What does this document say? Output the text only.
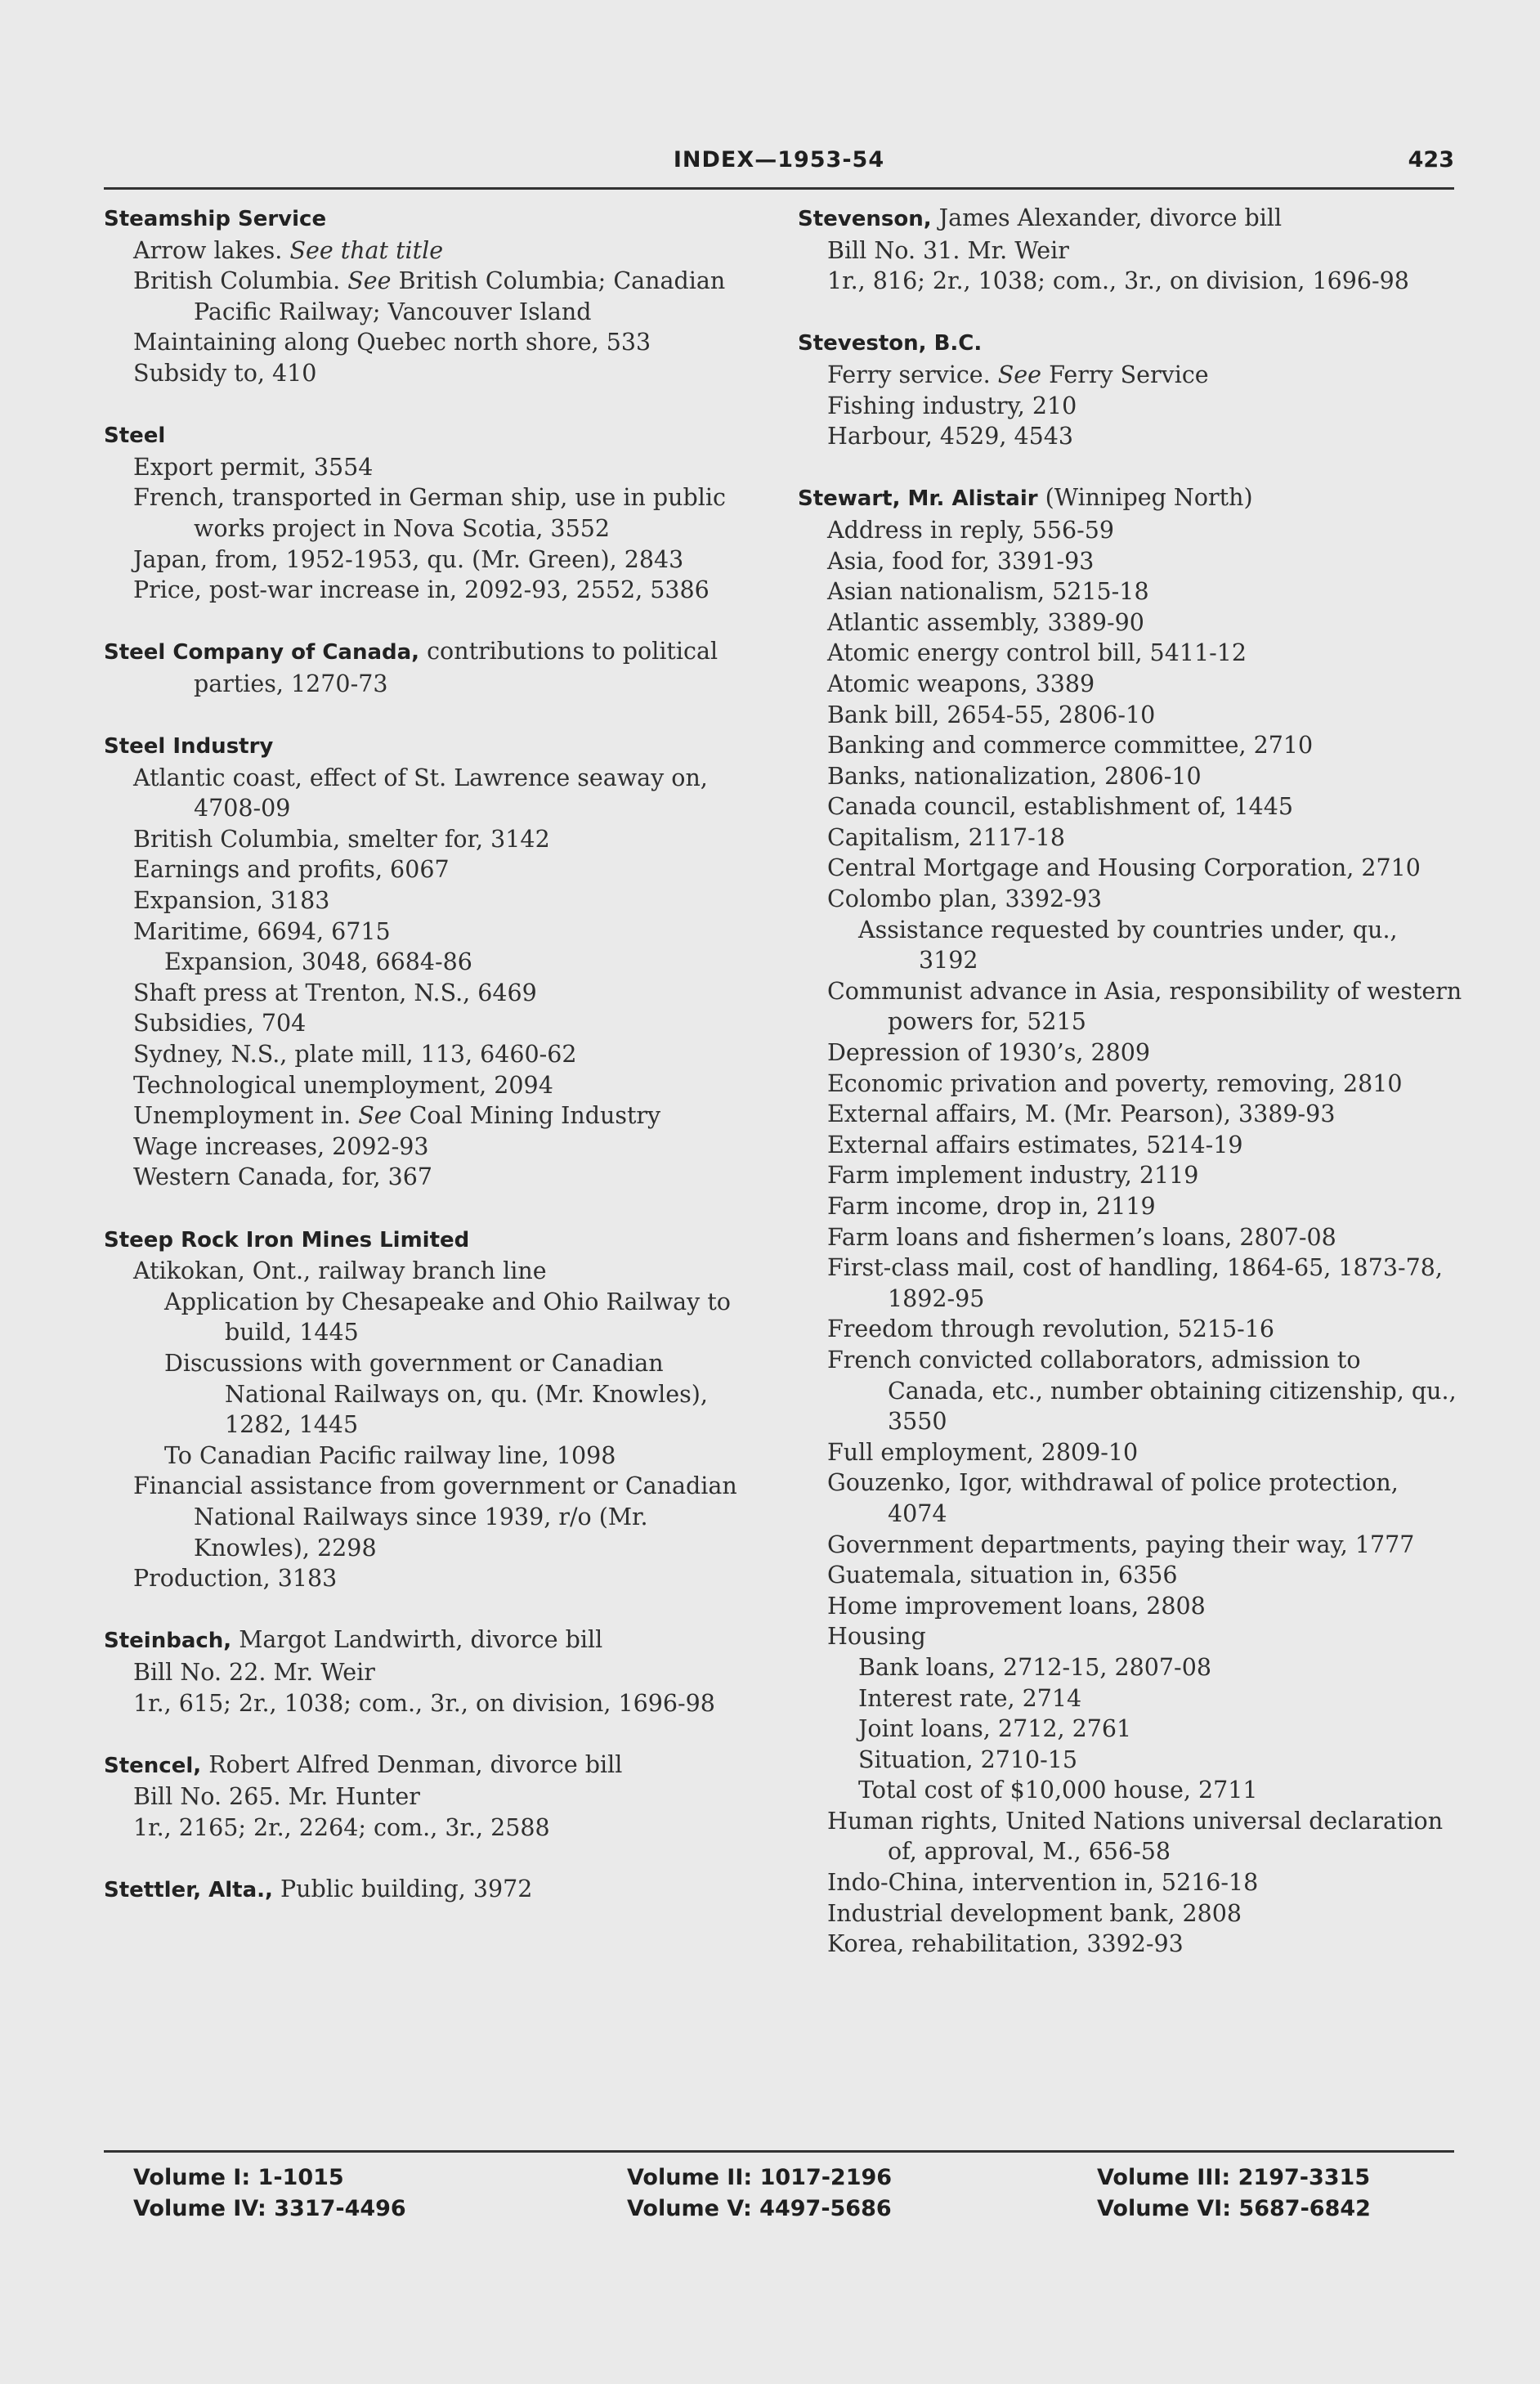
INDEX—1953-54	423
Steamship Service
Arrow lakes. See that title
British Columbia. See British Columbia; Canadian Pacific Railway; Vancouver Island
Maintaining along Quebec north shore, 533
Subsidy to, 410
Steel
Export permit, 3554
French, transported in German ship, use in public works project in Nova Scotia, 3552
Japan, from, 1952-1953, qu. (Mr. Green), 2843
Price, post-war increase in, 2092-93, 2552, 5386
Steel Company of Canada, contributions to political parties, 1270-73
Steel Industry
Atlantic coast, effect of St. Lawrence seaway on, 4708-09
British Columbia, smelter for, 3142
Earnings and profits, 6067
Expansion, 3183
Maritime, 6694, 6715
Expansion, 3048, 6684-86
Shaft press at Trenton, N.S., 6469
Subsidies, 704
Sydney, N.S., plate mill, 113, 6460-62
Technological unemployment, 2094
Unemployment in. See Coal Mining Industry
Wage increases, 2092-93
Western Canada, for, 367
Steep Rock Iron Mines Limited
Atikokan, Ont., railway branch line
Application by Chesapeake and Ohio Railway to build, 1445
Discussions with government or Canadian National Railways on, qu. (Mr. Knowles), 1282, 1445
To Canadian Pacific railway line, 1098
Financial assistance from government or Canadian National Railways since 1939, r/o (Mr. Knowles), 2298
Production, 3183
Steinbach, Margot Landwirth, divorce bill
Bill No. 22. Mr. Weir
1r., 615; 2r., 1038; com., 3r., on division, 1696-98
Stencel, Robert Alfred Denman, divorce bill
Bill No. 265. Mr. Hunter
1r., 2165; 2r., 2264; com., 3r., 2588
Stettler, Alta., Public building, 3972
Stevenson, James Alexander, divorce bill
Bill No. 31. Mr. Weir
1r., 816; 2r., 1038; com., 3r., on division, 1696-98
Steveston, B.C.
Ferry service. See Ferry Service
Fishing industry, 210
Harbour, 4529, 4543
Stewart, Mr. Alistair (Winnipeg North)
Address in reply, 556-59
Asia, food for, 3391-93
Asian nationalism, 5215-18
Atlantic assembly, 3389-90
Atomic energy control bill, 5411-12
Atomic weapons, 3389
Bank bill, 2654-55, 2806-10
Banking and commerce committee, 2710
Banks, nationalization, 2806-10
Canada council, establishment of, 1445
Capitalism, 2117-18
Central Mortgage and Housing Corporation, 2710
Colombo plan, 3392-93
Assistance requested by countries under, qu., 3192
Communist advance in Asia, responsibility of western powers for, 5215
Depression of 1930’s, 2809
Economic privation and poverty, removing, 2810
External affairs, M. (Mr. Pearson), 3389-93
External affairs estimates, 5214-19
Farm implement industry, 2119
Farm income, drop in, 2119
Farm loans and fishermen’s loans, 2807-08
First-class mail, cost of handling, 1864-65, 1873-78, 1892-95
Freedom through revolution, 5215-16
French convicted collaborators, admission to Canada, etc., number obtaining citizenship, qu., 3550
Full employment, 2809-10
Gouzenko, Igor, withdrawal of police protection, 4074
Government departments, paying their way, 1777
Guatemala, situation in, 6356
Home improvement loans, 2808
Housing
Bank loans, 2712-15, 2807-08
Interest rate, 2714
Joint loans, 2712, 2761
Situation, 2710-15
Total cost of $10,000 house, 2711
Human rights, United Nations universal declaration of, approval, M., 656-58
Indo-China, intervention in, 5216-18
Industrial development bank, 2808
Korea, rehabilitation, 3392-93
Volume I: 1-1015
Volume IV: 3317-4496
Volume II: 1017-2196
Volume V: 4497-5686
Volume III: 2197-3315
Volume VI: 5687-6842
